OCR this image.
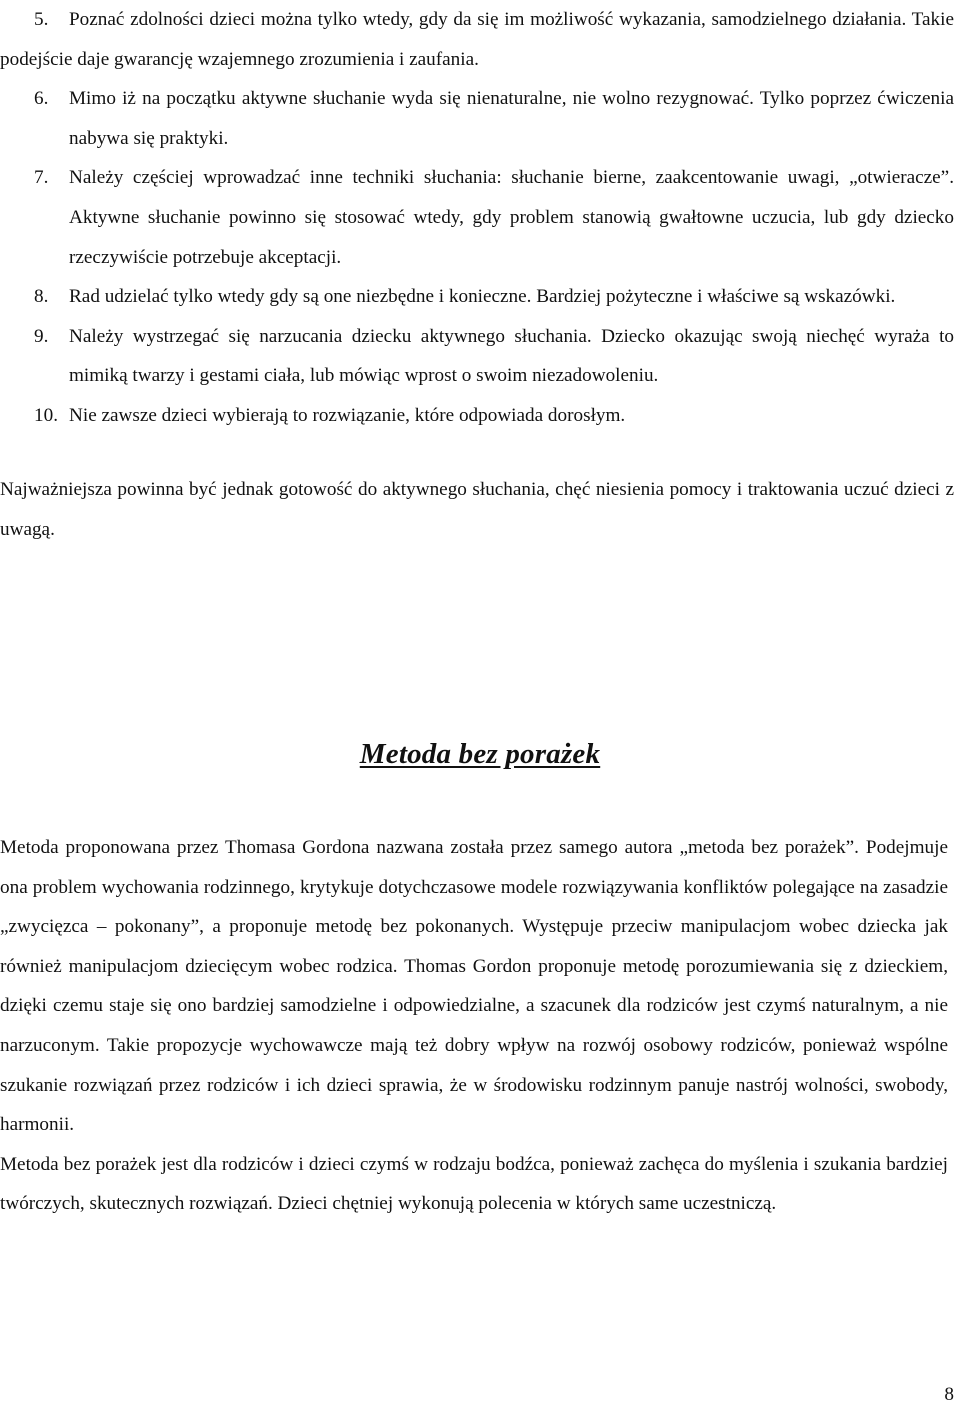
5.	Poznać zdolności dzieci można tylko wtedy, gdy da się im możliwość wykazania, samodzielnego działania. Takie podejście daje gwarancję wzajemnego zrozumienia i zaufania.
6. Mimo iż na początku aktywne słuchanie wyda się nienaturalne, nie wolno rezygnować. Tylko poprzez ćwiczenia nabywa się praktyki.
7. Należy częściej wprowadzać inne techniki słuchania: słuchanie bierne, zaakcentowanie uwagi, „otwieracze”. Aktywne słuchanie powinno się stosować wtedy, gdy problem stanowią gwałtowne uczucia, lub gdy dziecko rzeczywiście potrzebuje akceptacji.
8. Rad udzielać tylko wtedy gdy są one niezbędne i konieczne. Bardziej pożyteczne i właściwe są wskazówki.
9. Należy wystrzegać się narzucania dziecku aktywnego słuchania. Dziecko okazując swoją niechęć wyraża to mimiką twarzy i gestami ciała, lub mówiąc wprost o swoim niezadowoleniu.
10. Nie zawsze dzieci wybierają to rozwiązanie, które odpowiada dorosłym.
Najważniejsza powinna być jednak gotowość do aktywnego słuchania, chęć niesienia pomocy i traktowania uczuć dzieci z uwagą.
Metoda bez porażek
Metoda proponowana przez Thomasa Gordona nazwana została przez samego autora „metoda bez porażek”. Podejmuje ona problem wychowania rodzinnego, krytykuje dotychczasowe modele rozwiązywania konfliktów polegające na zasadzie „zwycięzca – pokonany”, a proponuje metodę bez pokonanych. Występuje przeciw manipulacjom wobec dziecka jak również manipulacjom dziecięcym wobec rodzica. Thomas Gordon proponuje metodę porozumiewania się z dzieckiem, dzięki czemu staje się ono bardziej samodzielne i odpowiedzialne, a szacunek dla rodziców jest czymś naturalnym, a nie narzuconym. Takie propozycje wychowawcze mają też dobry wpływ na rozwój osobowy rodziców, ponieważ wspólne szukanie rozwiązań przez rodziców i ich dzieci sprawia, że w środowisku rodzinnym panuje nastrój wolności, swobody, harmonii.
Metoda bez porażek jest dla rodziców i dzieci czymś w rodzaju bodźca, ponieważ zachęca do myślenia i szukania bardziej twórczych, skutecznych rozwiązań. Dzieci chętniej wykonują polecenia w których same uczestniczą.
8
